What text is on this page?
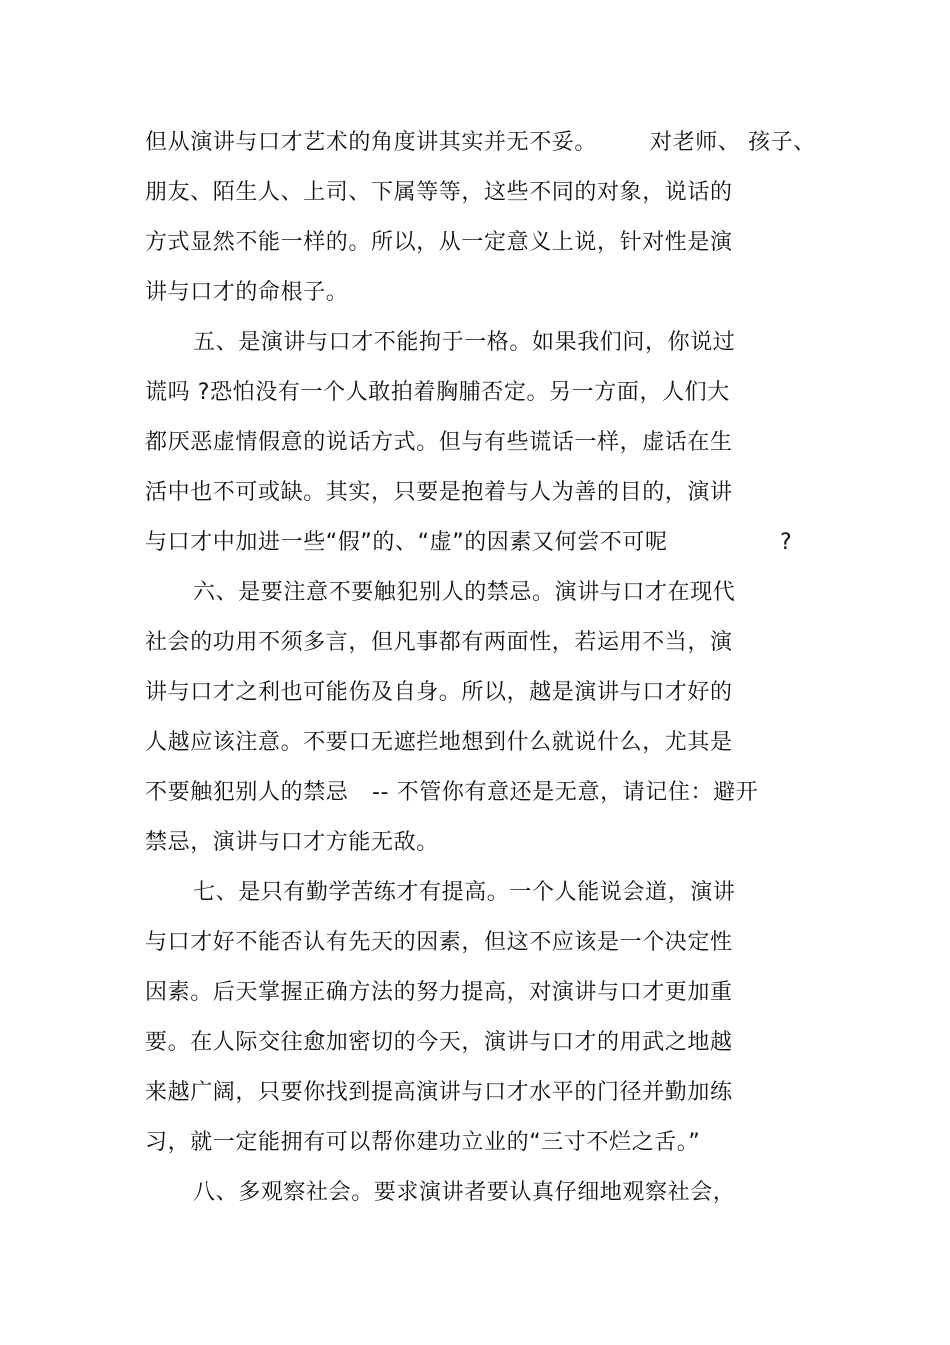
但从演讲与口才艺术的角度讲其实并无不妥。 对老师、 孩子、
朋友、陌生人、上司、下属等等，这些不同的对象，说话的
方式显然不能一样的。所以，从一定意义上说，针对性是演
讲与口才的命根子。
五、是演讲与口才不能拘于一格。如果我们问，你说过
谎吗 ?恐怕没有一个人敢拍着胸脯否定。另一方面，人们大
都厌恶虚情假意的说话方式。但与有些谎话一样，虚话在生
活中也不可或缺。其实，只要是抱着与人为善的目的，演讲
与口才中加进一些“假”的、“虚”的因素又何尝不可呢	?
六、是要注意不要触犯别人的禁忌。演讲与口才在现代
社会的功用不须多言，但凡事都有两面性，若运用不当，演
讲与口才之利也可能伤及自身。所以，越是演讲与口才好的
人越应该注意。不要口无遮拦地想到什么就说什么，尤其是
不要触犯别人的禁忌 -- 不管你有意还是无意，请记住：避开
禁忌，演讲与口才方能无敌。
七、是只有勤学苦练才有提高。一个人能说会道，演讲
与口才好不能否认有先天的因素，但这不应该是一个决定性
因素。后天掌握正确方法的努力提高，对演讲与口才更加重
要。在人际交往愈加密切的今天，演讲与口才的用武之地越
来越广阔，只要你找到提高演讲与口才水平的门径并勤加练
习，就一定能拥有可以帮你建功立业的“三寸不烂之舌。”
八、多观察社会。要求演讲者要认真仔细地观察社会，
